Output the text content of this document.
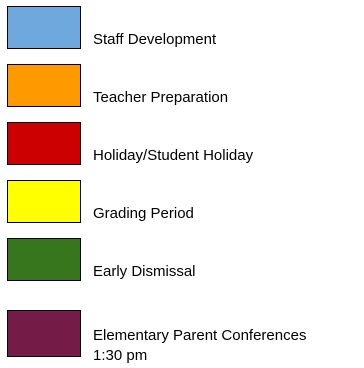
Staff Development
Teacher Preparation
Holiday/Student Holiday
Grading Period
Early Dismissal
Elementary Parent Conferences
1:30 pm
